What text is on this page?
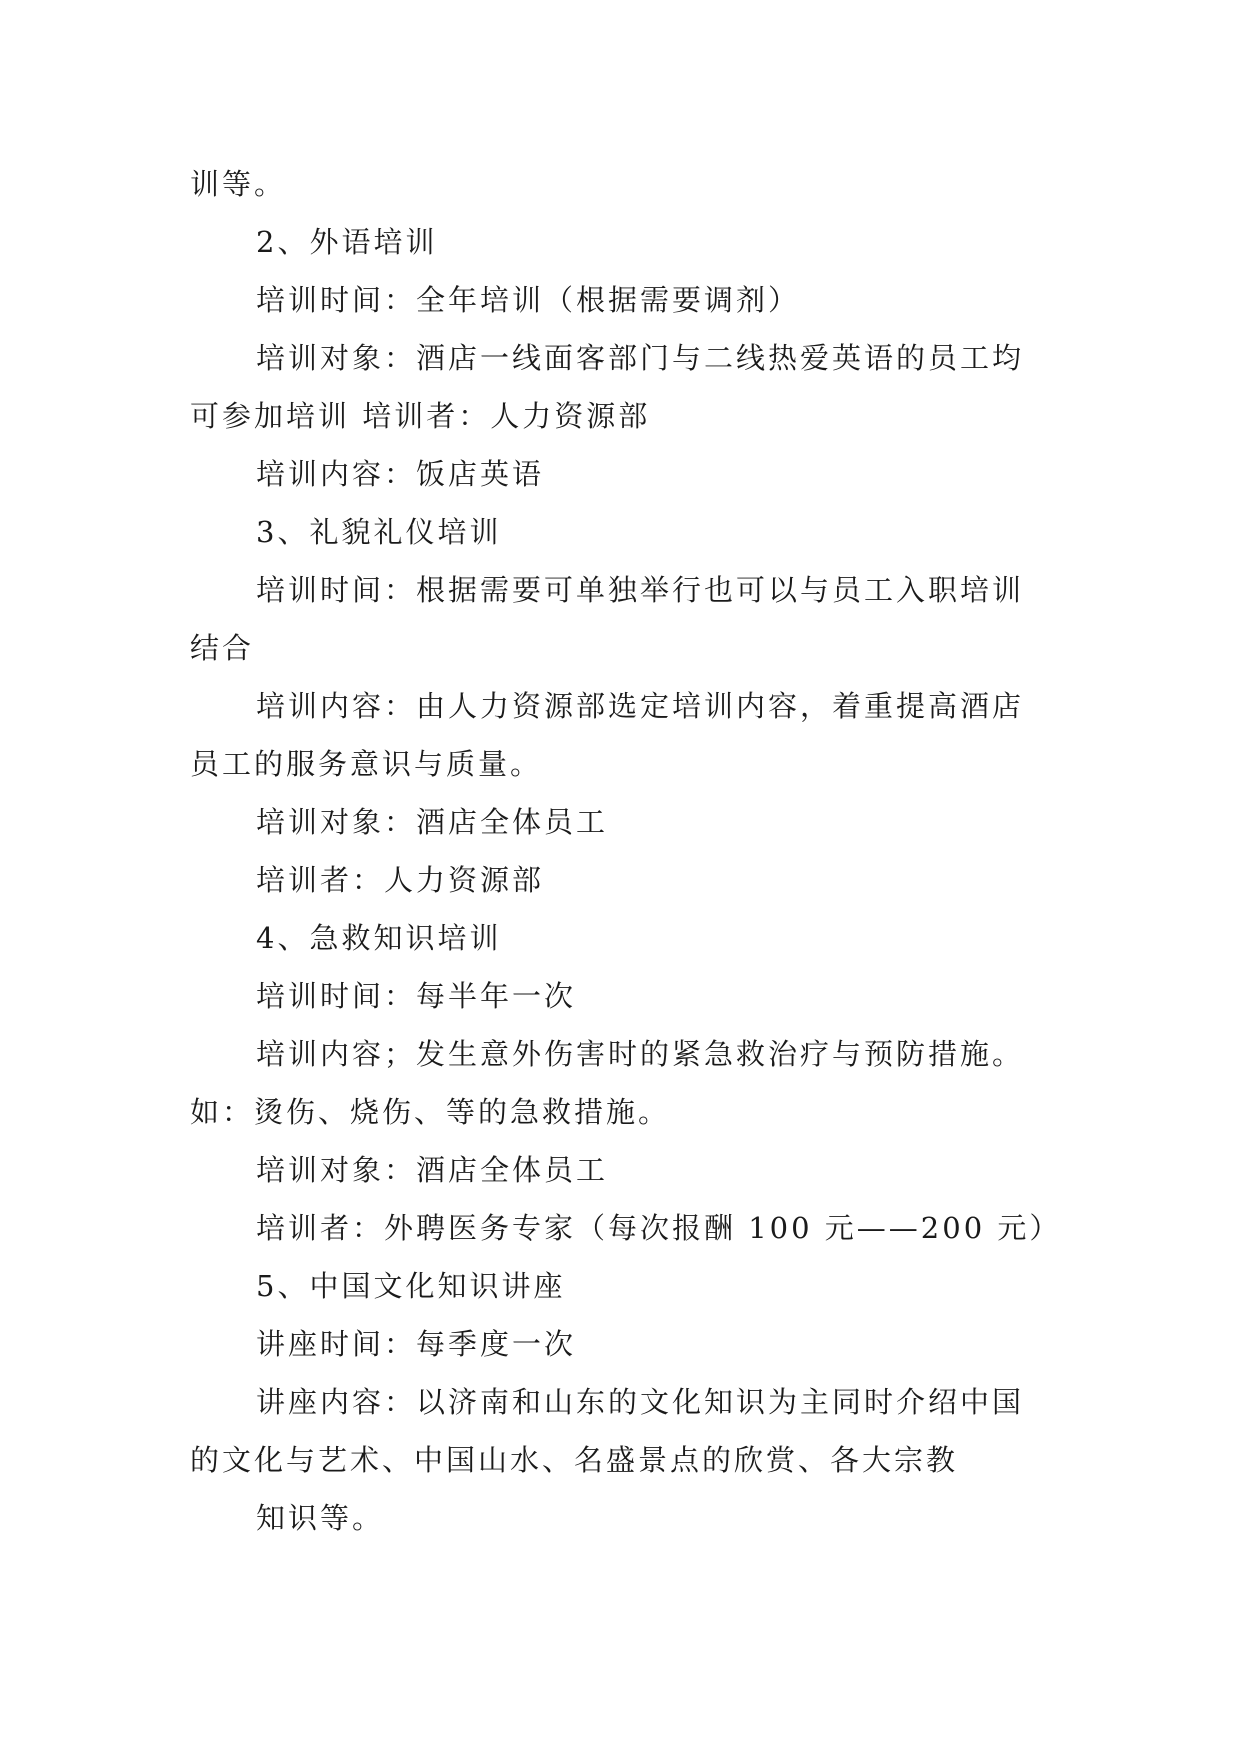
训等。
2、外语培训
培训时间：全年培训（根据需要调剂）
培训对象：酒店一线面客部门与二线热爱英语的员工均
可参加培训 培训者：人力资源部
培训内容：饭店英语
3、礼貌礼仪培训
培训时间：根据需要可单独举行也可以与员工入职培训
结合
培训内容：由人力资源部选定培训内容，着重提高酒店
员工的服务意识与质量。
培训对象：酒店全体员工
培训者：人力资源部
4、急救知识培训
培训时间：每半年一次
培训内容；发生意外伤害时的紧急救治疗与预防措施。
如：烫伤、烧伤、等的急救措施。
培训对象：酒店全体员工
培训者：外聘医务专家（每次报酬 100 元——200 元）
5、中国文化知识讲座
讲座时间：每季度一次
讲座内容：以济南和山东的文化知识为主同时介绍中国
的文化与艺术、中国山水、名盛景点的欣赏、各大宗教
知识等。
